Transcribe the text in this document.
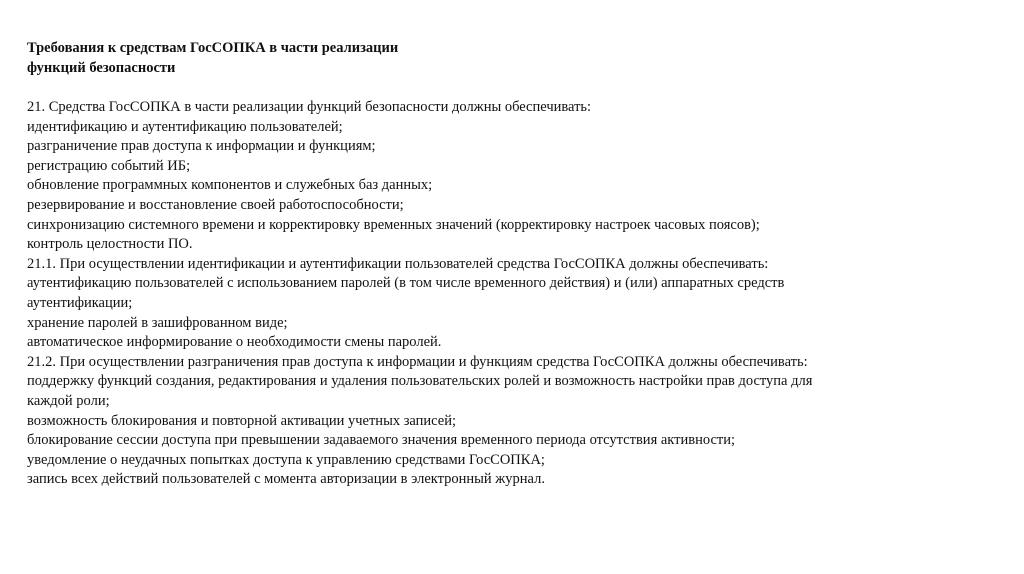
Требования к средствам ГосСОПКА в части реализации
функций безопасности
21. Средства ГосСОПКА в части реализации функций безопасности должны обеспечивать:
идентификацию и аутентификацию пользователей;
разграничение прав доступа к информации и функциям;
регистрацию событий ИБ;
обновление программных компонентов и служебных баз данных;
резервирование и восстановление своей работоспособности;
синхронизацию системного времени и корректировку временных значений (корректировку настроек часовых поясов);
контроль целостности ПО.
21.1. При осуществлении идентификации и аутентификации пользователей средства ГосСОПКА должны обеспечивать:
аутентификацию пользователей с использованием паролей (в том числе временного действия) и (или) аппаратных средств
аутентификации;
хранение паролей в зашифрованном виде;
автоматическое информирование о необходимости смены паролей.
21.2. При осуществлении разграничения прав доступа к информации и функциям средства ГосСОПКА должны обеспечивать:
поддержку функций создания, редактирования и удаления пользовательских ролей и возможность настройки прав доступа для
каждой роли;
возможность блокирования и повторной активации учетных записей;
блокирование сессии доступа при превышении задаваемого значения временного периода отсутствия активности;
уведомление о неудачных попытках доступа к управлению средствами ГосСОПКА;
запись всех действий пользователей с момента авторизации в электронный журнал.
